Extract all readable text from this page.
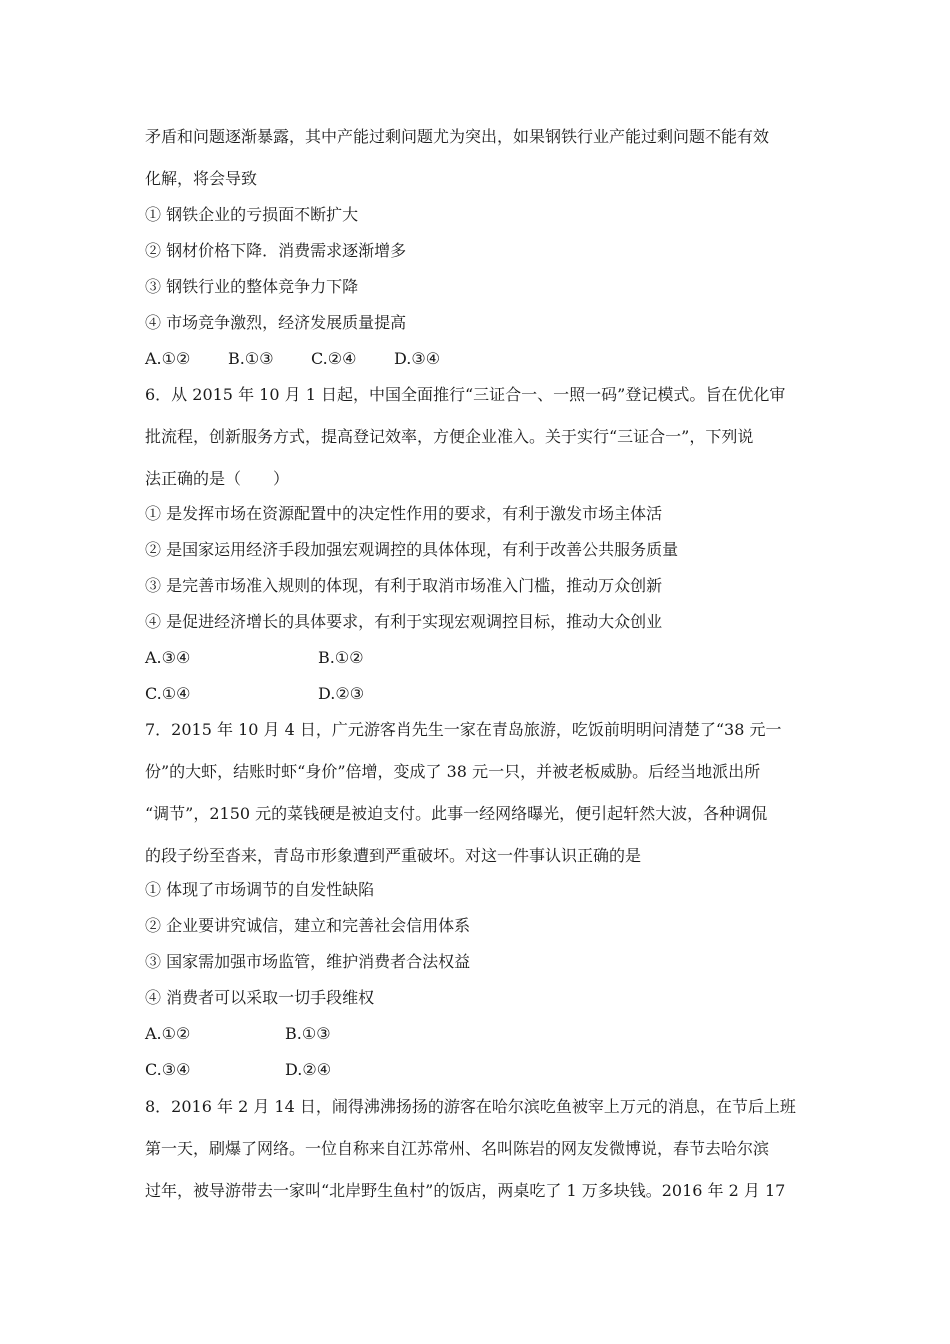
矛盾和问题逐渐暴露，其中产能过剩问题尤为突出，如果钢铁行业产能过剩问题不能有效
化解，将会导致
① 钢铁企业的亏损面不断扩大
② 钢材价格下降．消费需求逐渐增多
③ 钢铁行业的整体竞争力下降
④ 市场竞争激烈，经济发展质量提高
A.①② B.①③ C.②④ D.③④
6．从 2015 年 10 月 1 日起，中国全面推行“三证合一、一照一码”登记模式。旨在优化审
批流程，创新服务方式，提高登记效率，方便企业准入。关于实行“三证合一”，下列说
法正确的是（　　）
① 是发挥市场在资源配置中的决定性作用的要求，有利于激发市场主体活
② 是国家运用经济手段加强宏观调控的具体体现，有利于改善公共服务质量
③ 是完善市场准入规则的体现，有利于取消市场准入门槛，推动万众创新
④ 是促进经济增长的具体要求，有利于实现宏观调控目标，推动大众创业
A.③④	B.①②
C.①④	D.②③
7．2015 年 10 月 4 日，广元游客肖先生一家在青岛旅游，吃饭前明明问清楚了“38 元一
份”的大虾，结账时虾“身价”倍增，变成了 38 元一只，并被老板威胁。后经当地派出所
“调节”，2150 元的菜钱硬是被迫支付。此事一经网络曝光，便引起轩然大波，各种调侃
的段子纷至沓来，青岛市形象遭到严重破坏。对这一件事认识正确的是
① 体现了市场调节的自发性缺陷
② 企业要讲究诚信，建立和完善社会信用体系
③ 国家需加强市场监管，维护消费者合法权益
④ 消费者可以采取一切手段维权
A.①②	B.①③
C.③④	D.②④
8．2016 年 2 月 14 日，闹得沸沸扬扬的游客在哈尔滨吃鱼被宰上万元的消息，在节后上班
第一天，刷爆了网络。一位自称来自江苏常州、名叫陈岩的网友发微博说，春节去哈尔滨
过年，被导游带去一家叫“北岸野生鱼村”的饭店，两桌吃了 1 万多块钱。2016 年 2 月 17
